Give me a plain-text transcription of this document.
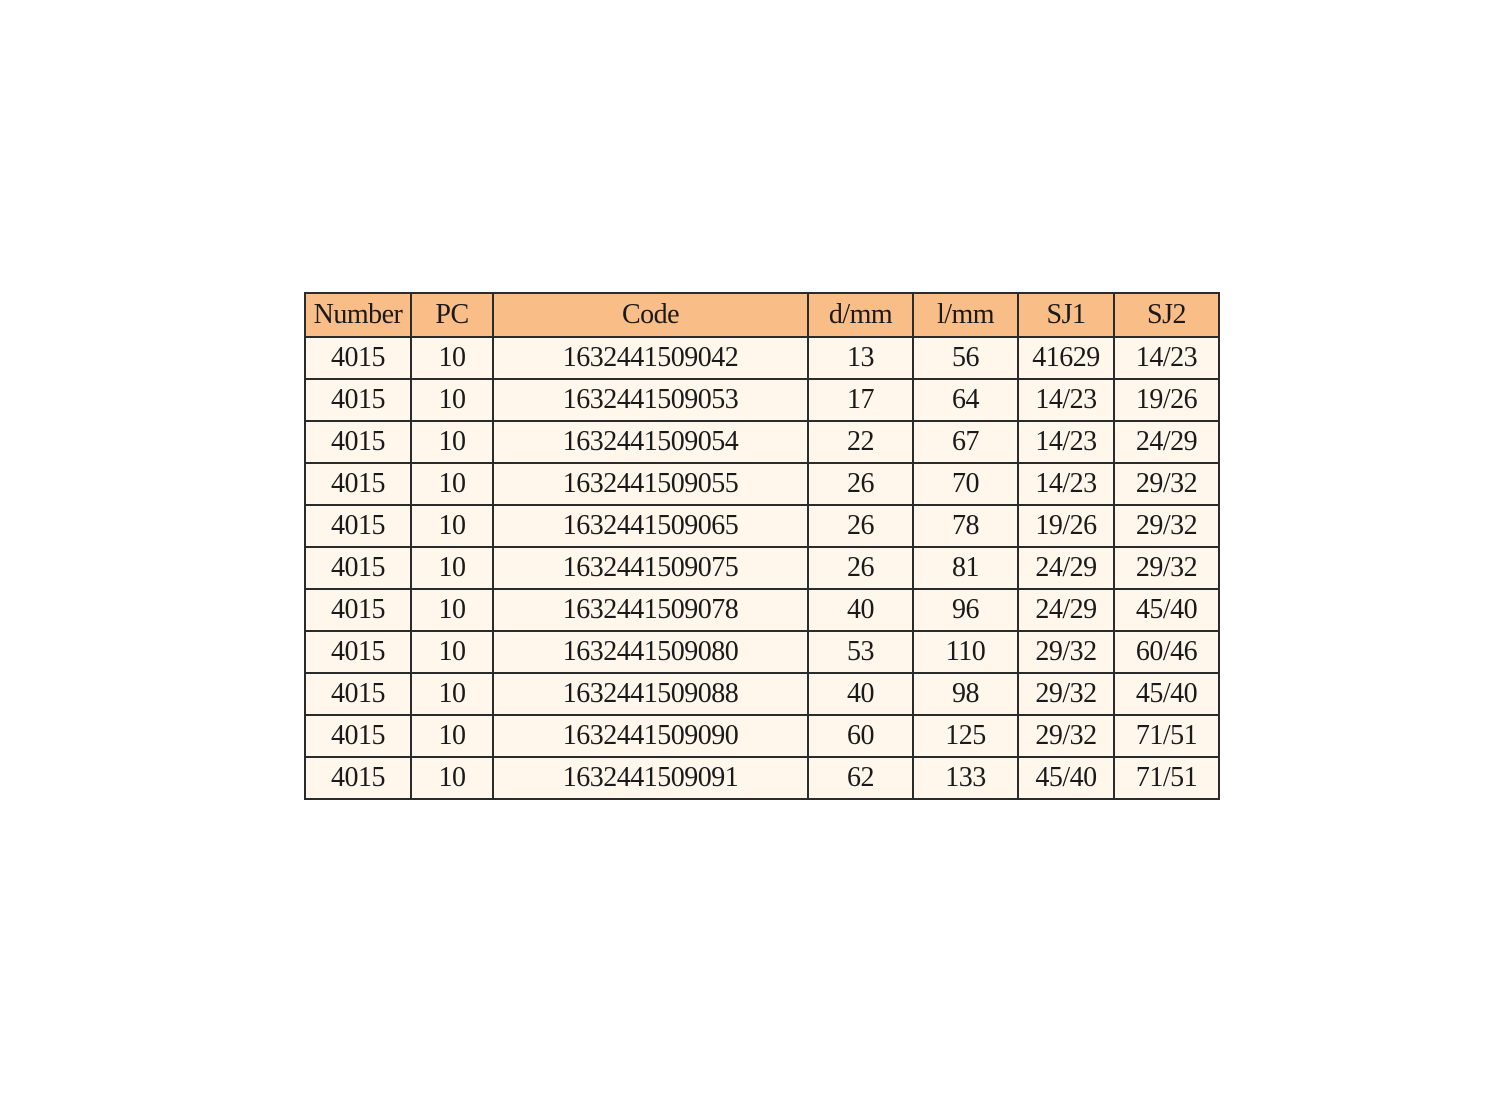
Number	PC	Code	d/mm	l/mm	SJ1	SJ2
4015	10	1632441509042	13	56	41629	14/23
4015	10	1632441509053	17	64	14/23	19/26
4015	10	1632441509054	22	67	14/23	24/29
4015	10	1632441509055	26	70	14/23	29/32
4015	10	1632441509065	26	78	19/26	29/32
4015	10	1632441509075	26	81	24/29	29/32
4015	10	1632441509078	40	96	24/29	45/40
4015	10	1632441509080	53	110	29/32	60/46
4015	10	1632441509088	40	98	29/32	45/40
4015	10	1632441509090	60	125	29/32	71/51
4015	10	1632441509091	62	133	45/40	71/51
